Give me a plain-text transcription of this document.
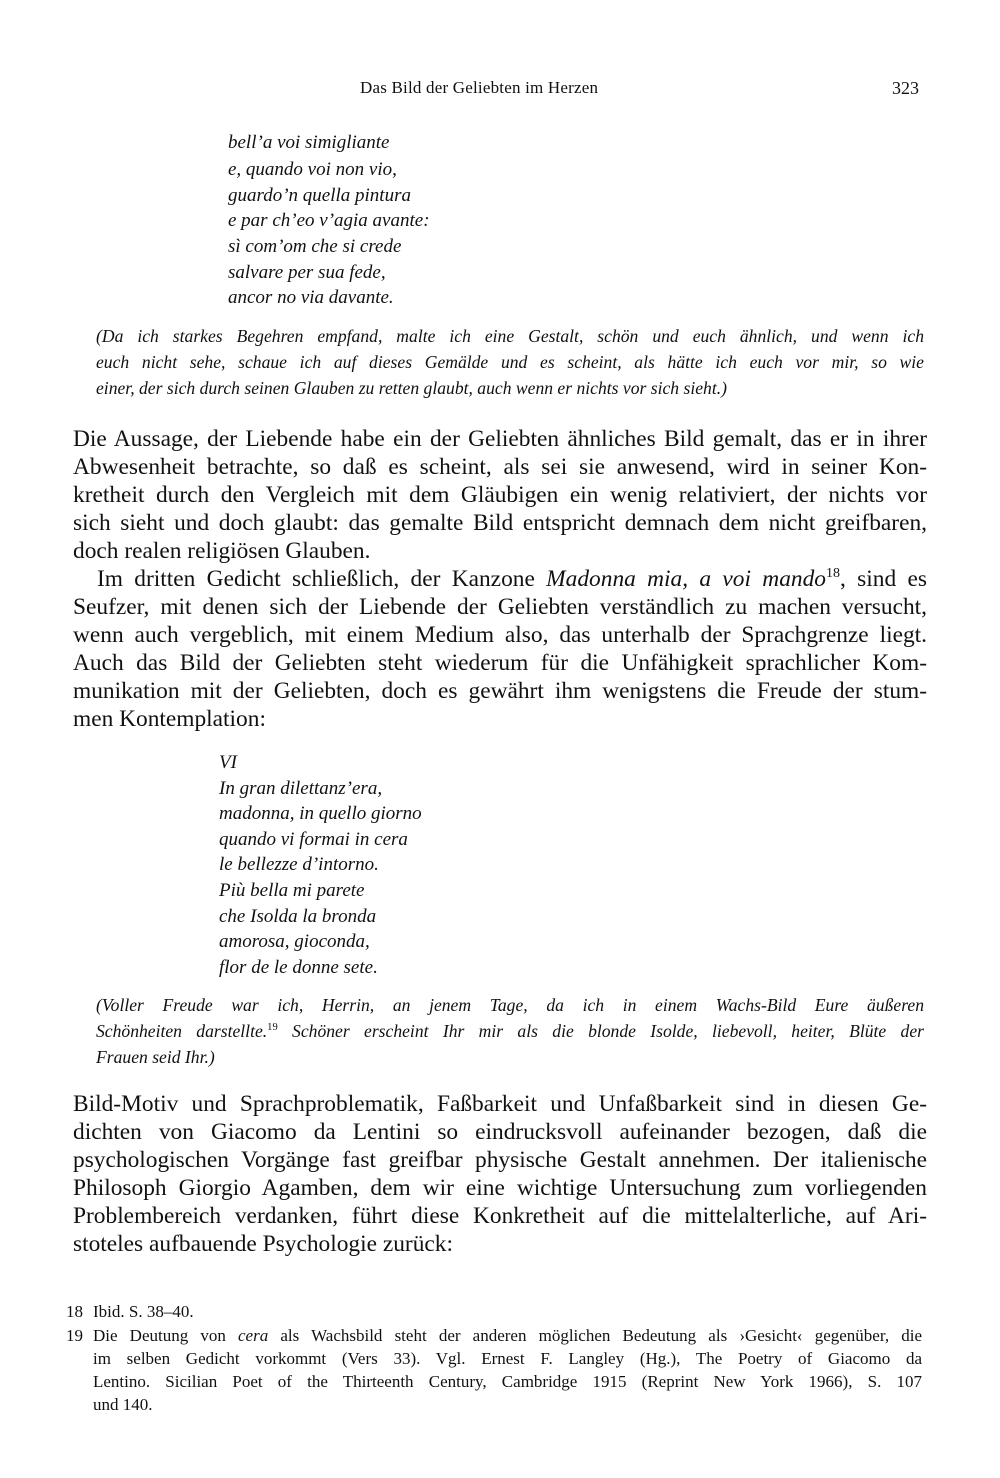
Das Bild der Geliebten im Herzen	323
bell’a voi simigliante
e, quando voi non vio,
guardo’n quella pintura
e par ch’eo v’agia avante:
sì com’om che si crede
salvare per sua fede,
ancor no via davante.
(Da ich starkes Begehren empfand, malte ich eine Gestalt, schön und euch ähnlich, und wenn ich
euch nicht sehe, schaue ich auf dieses Gemälde und es scheint, als hätte ich euch vor mir, so wie
einer, der sich durch seinen Glauben zu retten glaubt, auch wenn er nichts vor sich sieht.)
Die Aussage, der Liebende habe ein der Geliebten ähnliches Bild gemalt, das er in ihrer
Abwesenheit betrachte, so daß es scheint, als sei sie anwesend, wird in seiner Kon-
kretheit durch den Vergleich mit dem Gläubigen ein wenig relativiert, der nichts vor
sich sieht und doch glaubt: das gemalte Bild entspricht demnach dem nicht greifbaren,
doch realen religiösen Glauben.
Im dritten Gedicht schließlich, der Kanzone Madonna mia, a voi mando$^{18}$, sind es
Seufzer, mit denen sich der Liebende der Geliebten verständlich zu machen versucht,
wenn auch vergeblich, mit einem Medium also, das unterhalb der Sprachgrenze liegt.
Auch das Bild der Geliebten steht wiederum für die Unfähigkeit sprachlicher Kom-
munikation mit der Geliebten, doch es gewährt ihm wenigstens die Freude der stum-
men Kontemplation:
VI
In gran dilettanz’era,
madonna, in quello giorno
quando vi formai in cera
le bellezze d’intorno.
Più bella mi parete
che Isolda la bronda
amorosa, gioconda,
flor de le donne sete.
(Voller Freude war ich, Herrin, an jenem Tage, da ich in einem Wachs-Bild Eure äußeren
Schönheiten darstellte.$^{19}$ Schöner erscheint Ihr mir als die blonde Isolde, liebevoll, heiter, Blüte der
Frauen seid Ihr.)
Bild-Motiv und Sprachproblematik, Faßbarkeit und Unfaßbarkeit sind in diesen Ge-
dichten von Giacomo da Lentini so eindrucksvoll aufeinander bezogen, daß die
psychologischen Vorgänge fast greifbar physische Gestalt annehmen. Der italienische
Philosoph Giorgio Agamben, dem wir eine wichtige Untersuchung zum vorliegenden
Problembereich verdanken, führt diese Konkretheit auf die mittelalterliche, auf Ari-
stoteles aufbauende Psychologie zurück:
18 Ibid. S. 38–40.
19 Die Deutung von cera als Wachsbild steht der anderen möglichen Bedeutung als ›Gesicht‹ gegenüber, die
im selben Gedicht vorkommt (Vers 33). Vgl. Ernest F. Langley (Hg.), The Poetry of Giacomo da
Lentino. Sicilian Poet of the Thirteenth Century, Cambridge 1915 (Reprint New York 1966), S. 107
und 140.
